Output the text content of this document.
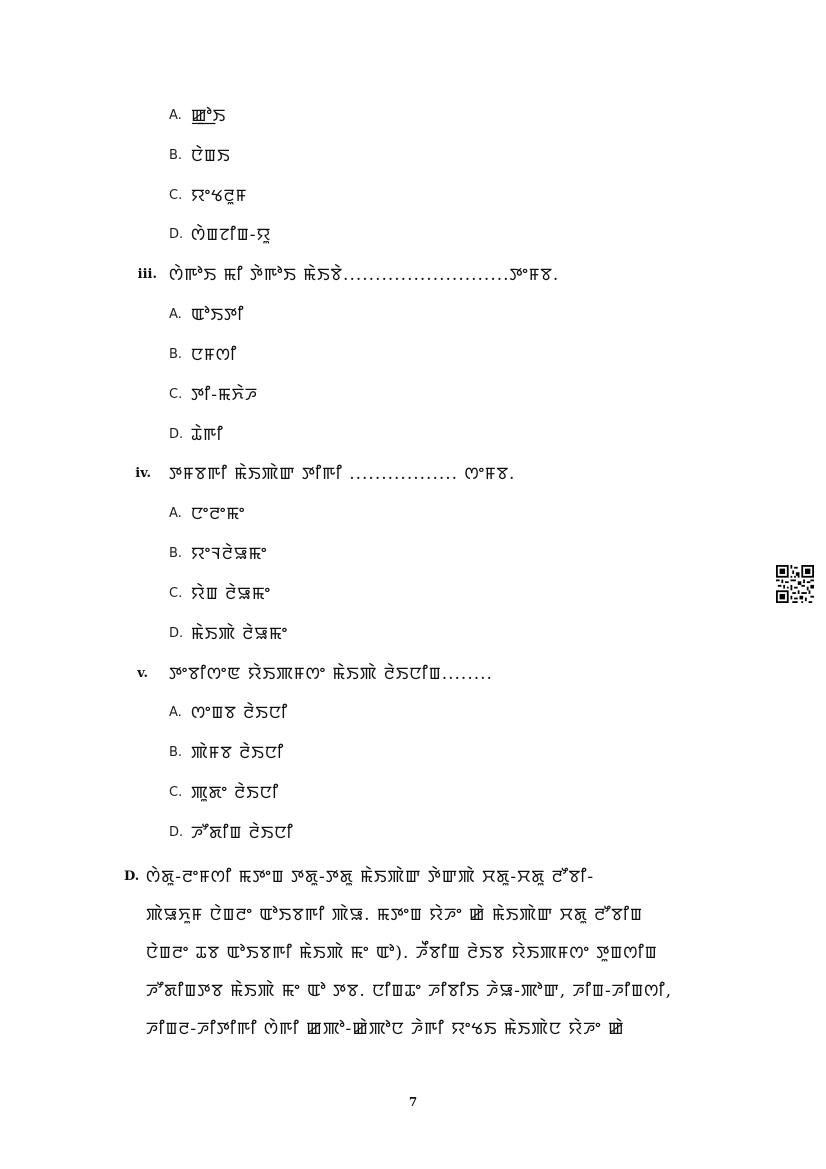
A. ꯀ꯭ꯣꯏ
B. ꯅꯥꯡꯏ
C. ꯌꯦꯠꯂꯨꯝ
D. ꯁꯥꯡꯖꯤꯡ-ꯌꯨ
iii. ꯁꯥꯒꯣꯏ ꯃꯤ ꯇꯥꯒꯣꯏ ꯃꯥꯏꯕꯥ..........................ꯇꯦꯝꯕ.
A. ꯑꯣꯏꯇꯤ
B. ꯅꯝꯁꯤ
C. ꯇꯤ-ꯃꯈꯥꯍ
D. ꯊꯥꯒꯤ
iv. ꯇꯝꯕꯒꯤ ꯃꯥꯏꯄꯥꯛ ꯇꯤꯒꯤ ................. ꯁꯦꯝꯕ.
A. ꯅꯦꯂꯦꯃꯦ
B. ꯌꯦꯜꯂꯥꯎꯃꯦ
C. ꯌꯥꯡ ꯂꯥꯎꯃꯦ
D. ꯃꯥꯏꯄꯥ ꯂꯥꯎꯃꯦ
v. ꯇꯦꯕꯤꯁꯦꯟ ꯌꯥꯏꯄꯝꯁꯦ ꯃꯥꯏꯄꯥ ꯂꯥꯏꯅꯤꯡ........
A. ꯁꯦꯡꯕ ꯂꯥꯏꯅꯤ
B. ꯄꯥꯝꯕ ꯂꯥꯏꯅꯤ
C. ꯄꯨꯗꯦ ꯂꯥꯏꯅꯤ
D. ꯍꯧꯗꯤꯡ ꯂꯥꯏꯅꯤ
D. ꯁꯥꯗꯨ-ꯂꯦꯝꯁꯤ ꯃꯇꯦꯡ ꯇꯗꯨ-ꯇꯗꯨ ꯃꯥꯏꯄꯥꯛ ꯇꯥꯛꯄꯥ ꯆꯗꯨ-ꯆꯗꯨ ꯂꯧꯕꯤ-
ꯄꯥꯎꯈꯨꯝ ꯅꯥꯡꯂꯦ ꯑꯣꯏꯕꯒꯤ ꯄꯥꯎ. ꯃꯇꯦꯡ ꯌꯥꯍꯦ ꯀꯥ ꯃꯥꯏꯄꯥꯛ ꯆꯗꯨ ꯂꯧꯕꯤꯡ
ꯅꯥꯡꯂꯦ ꯊꯕ ꯑꯣꯏꯕꯒꯤ ꯃꯥꯏꯄꯥ ꯃꯦ ꯑꯣ). ꯍꯩꯕꯤꯡ ꯂꯥꯏꯕ ꯌꯥꯏꯄꯝꯁꯦ ꯇꯨꯡꯁꯤꯡ
ꯍꯧꯗꯤꯡꯇꯕ ꯃꯥꯏꯄꯥ ꯃꯦ ꯑꯣ ꯇꯕ. ꯅꯤꯡꯊꯦ ꯍꯤꯕꯤꯏ ꯍꯥꯎ-ꯄꯣꯛ, ꯍꯤꯡ-ꯍꯤꯡꯁꯤ,
ꯍꯤꯡꯂ-ꯍꯤꯇꯤꯒꯤ ꯁꯥꯒꯤ ꯀꯄꯣ-ꯀꯥꯄꯣꯅ ꯍꯥꯒꯤ ꯌꯦꯠꯏ ꯃꯥꯏꯄꯥꯅ ꯌꯥꯍꯦ ꯀꯥ
7
